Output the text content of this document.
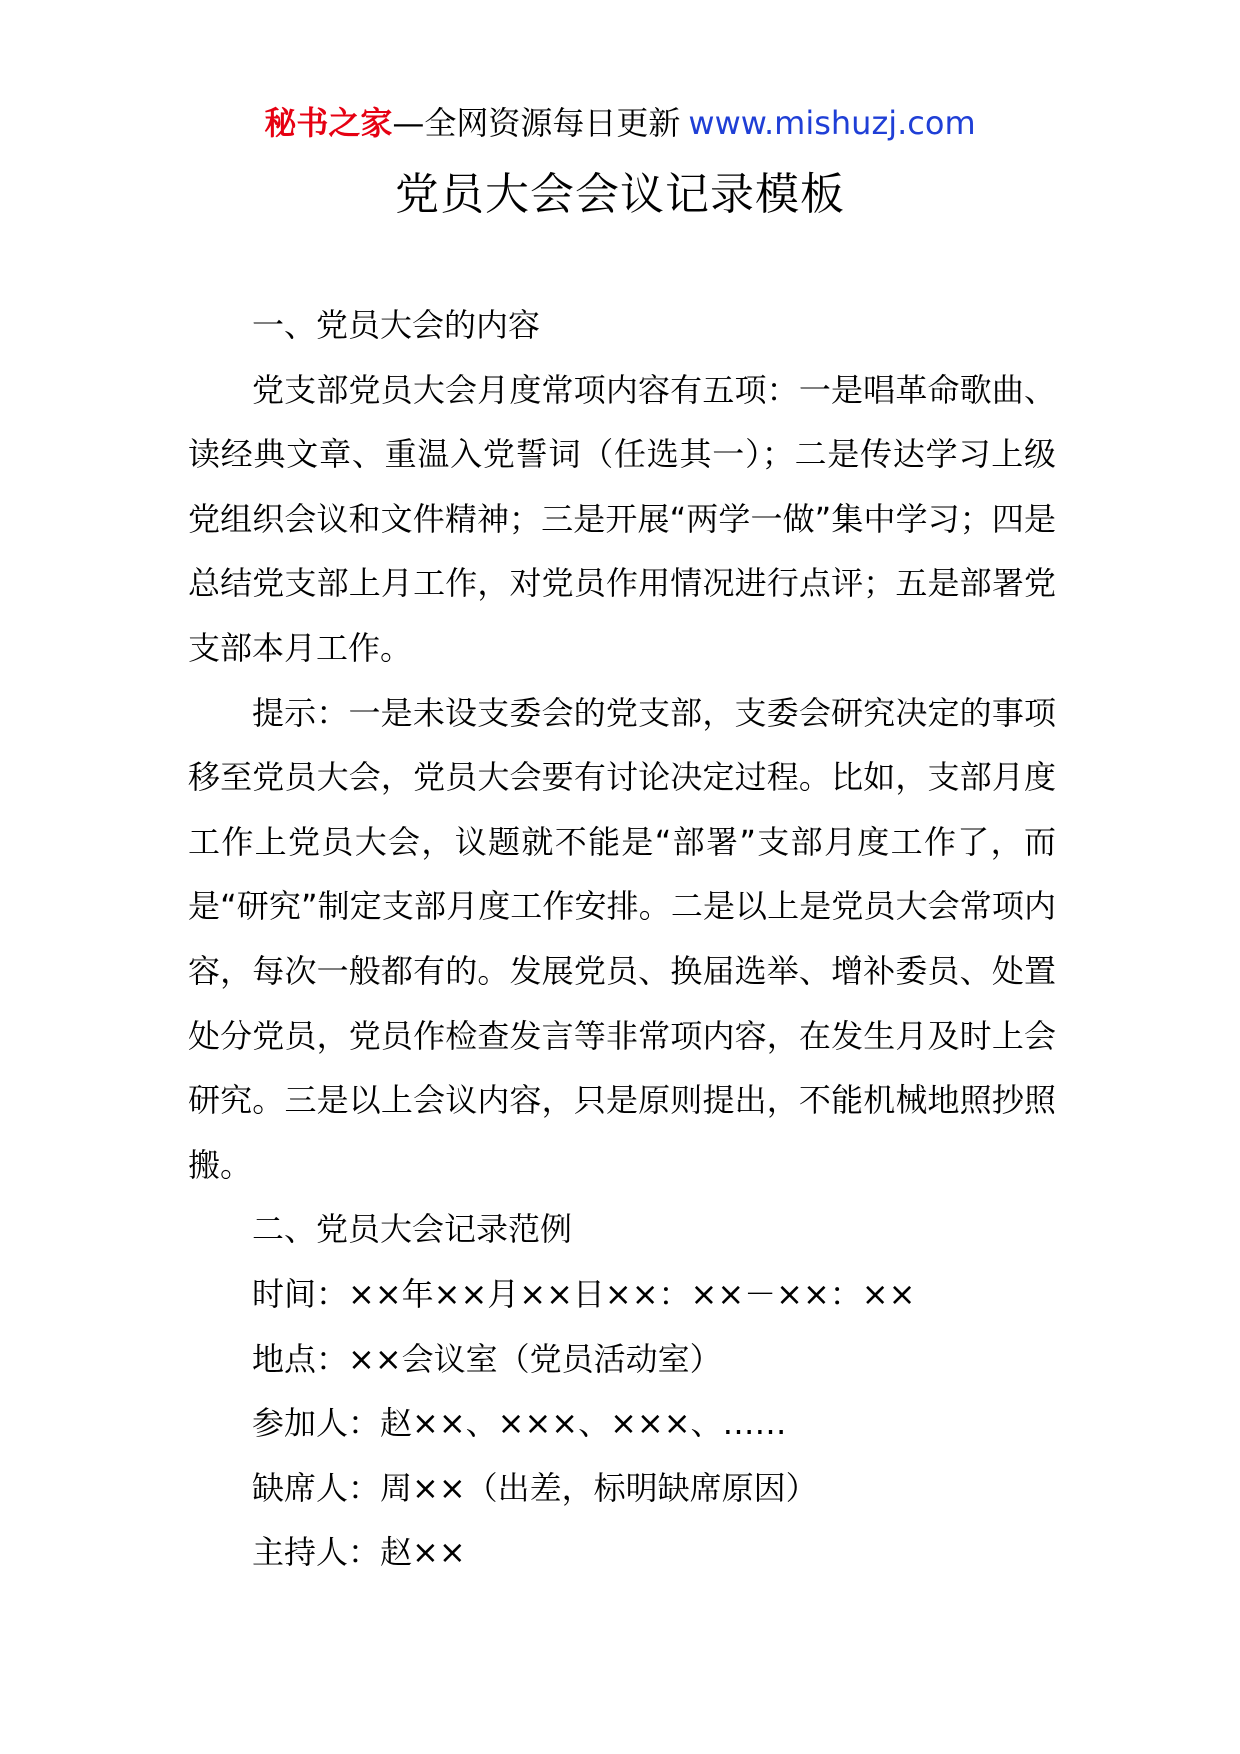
秘书之家—全网资源每日更新 www.mishuzj.com
党员大会会议记录模板

一、党员大会的内容

党支部党员大会月度常项内容有五项：一是唱革命歌曲、读经典文章、重温入党誓词（任选其一）；二是传达学习上级党组织会议和文件精神；三是开展“两学一做”集中学习；四是总结党支部上月工作，对党员作用情况进行点评；五是部署党支部本月工作。

提示：一是未设支委会的党支部，支委会研究决定的事项移至党员大会，党员大会要有讨论决定过程。比如，支部月度工作上党员大会，议题就不能是“部署”支部月度工作了，而是“研究”制定支部月度工作安排。二是以上是党员大会常项内容，每次一般都有的。发展党员、换届选举、增补委员、处置处分党员，党员作检查发言等非常项内容，在发生月及时上会研究。三是以上会议内容，只是原则提出，不能机械地照抄照搬。

二、党员大会记录范例

时间：××年××月××日××：××－××：××

地点：××会议室（党员活动室）

参加人：赵××、×××、×××、……

缺席人：周××（出差，标明缺席原因）

主持人：赵××
